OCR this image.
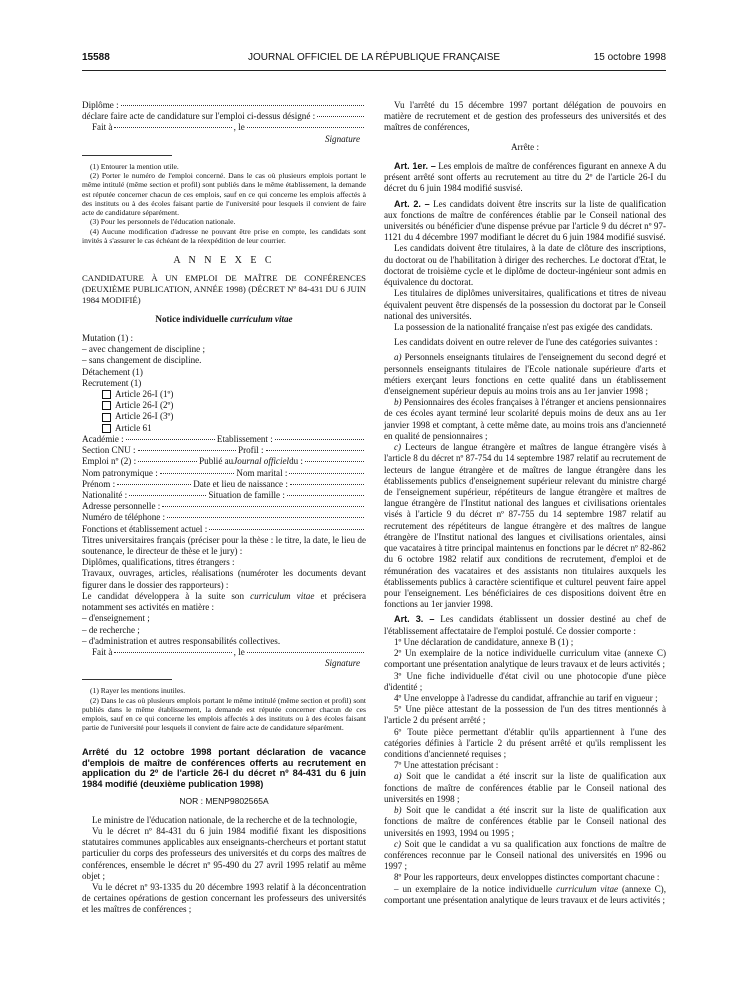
15588	JOURNAL OFFICIEL DE LA RÉPUBLIQUE FRANÇAISE	15 octobre 1998

Diplôme :

déclare faire acte de candidature sur l'emploi ci-dessus désigné :

Fait à	, le

Signature

(1) Entourer la mention utile.

(2) Porter le numéro de l'emploi concerné. Dans le cas où plusieurs emplois portant le même intitulé (même section et profil) sont publiés dans le même établissement, la demande est réputée concerner chacun de ces emplois, sauf en ce qui concerne les emplois affectés à des instituts ou à des écoles faisant partie de l'université pour lesquels il convient de faire acte de candidature séparément.

(3) Pour les personnels de l'éducation nationale.

(4) Aucune modification d'adresse ne pouvant être prise en compte, les candidats sont invités à s'assurer le cas échéant de la réexpédition de leur courrier.

A N N E X E C

CANDIDATURE À UN EMPLOI DE MAÎTRE DE CONFÉRENCES (DEUXIÈME PUBLICATION, ANNÉE 1998) (DÉCRET Nº 84-431 DU 6 JUIN 1984 MODIFIÉ)

Notice individuelle curriculum vitae

Mutation (1) :

– avec changement de discipline ;

– sans changement de discipline.

Détachement (1)

Recrutement (1)

Article 26-I (1º)

Article 26-I (2º)

Article 26-I (3º)

Article 61

Académie :	Etablissement :

Section CNU :	Profil :

Emploi nº (2) :	Publié au Journal officiel du :

Nom patronymique :	Nom marital :

Prénom :	Date et lieu de naissance :

Nationalité :	Situation de famille :

Adresse personnelle :

Numéro de téléphone :

Fonctions et établissement actuel :

Titres universitaires français (préciser pour la thèse : le titre, la date, le lieu de soutenance, le directeur de thèse et le jury) :

Diplômes, qualifications, titres étrangers :

Travaux, ouvrages, articles, réalisations (numéroter les documents devant figurer dans le dossier des rapporteurs) :

Le candidat développera à la suite son curriculum vitae et précisera notamment ses activités en matière :

– d'enseignement ;

– de recherche ;

– d'administration et autres responsabilités collectives.

Fait à	, le

Signature

(1) Rayer les mentions inutiles.

(2) Dans le cas où plusieurs emplois portant le même intitulé (même section et profil) sont publiés dans le même établissement, la demande est réputée concerner chacun de ces emplois, sauf en ce qui concerne les emplois affectés à des instituts ou à des écoles faisant partie de l'université pour lesquels il convient de faire acte de candidature séparément.

Arrêté du 12 octobre 1998 portant déclaration de vacance d'emplois de maître de conférences offerts au recrutement en application du 2º de l'article 26-I du décret nº 84-431 du 6 juin 1984 modifié (deuxième publication 1998)

NOR : MENP9802565A

Le ministre de l'éducation nationale, de la recherche et de la technologie,

Vu le décret nº 84-431 du 6 juin 1984 modifié fixant les dispositions statutaires communes applicables aux enseignants-chercheurs et portant statut particulier du corps des professeurs des universités et du corps des maîtres de conférences, ensemble le décret nº 95-490 du 27 avril 1995 relatif au même objet ;

Vu le décret nº 93-1335 du 20 décembre 1993 relatif à la déconcentration de certaines opérations de gestion concernant les professeurs des universités et les maîtres de conférences ;

Vu l'arrêté du 15 décembre 1997 portant délégation de pouvoirs en matière de recrutement et de gestion des professeurs des universités et des maîtres de conférences,

Arrête :

Art. 1er. – Les emplois de maître de conférences figurant en annexe A du présent arrêté sont offerts au recrutement au titre du 2º de l'article 26-I du décret du 6 juin 1984 modifié susvisé.

Art. 2. – Les candidats doivent être inscrits sur la liste de qualification aux fonctions de maître de conférences établie par le Conseil national des universités ou bénéficier d'une dispense prévue par l'article 9 du décret nº 97-1121 du 4 décembre 1997 modifiant le décret du 6 juin 1984 modifié susvisé.

Les candidats doivent être titulaires, à la date de clôture des inscriptions, du doctorat ou de l'habilitation à diriger des recherches. Le doctorat d'Etat, le doctorat de troisième cycle et le diplôme de docteur-ingénieur sont admis en équivalence du doctorat.

Les titulaires de diplômes universitaires, qualifications et titres de niveau équivalent peuvent être dispensés de la possession du doctorat par le Conseil national des universités.

La possession de la nationalité française n'est pas exigée des candidats.

Les candidats doivent en outre relever de l'une des catégories suivantes :

a) Personnels enseignants titulaires de l'enseignement du second degré et personnels enseignants titulaires de l'Ecole nationale supérieure d'arts et métiers exerçant leurs fonctions en cette qualité dans un établissement d'enseignement supérieur depuis au moins trois ans au 1er janvier 1998 ;

b) Pensionnaires des écoles françaises à l'étranger et anciens pensionnaires de ces écoles ayant terminé leur scolarité depuis moins de deux ans au 1er janvier 1998 et comptant, à cette même date, au moins trois ans d'ancienneté en qualité de pensionnaires ;

c) Lecteurs de langue étrangère et maîtres de langue étrangère visés à l'article 8 du décret nº 87-754 du 14 septembre 1987 relatif au recrutement de lecteurs de langue étrangère et de maîtres de langue étrangère dans les établissements publics d'enseignement supérieur relevant du ministre chargé de l'enseignement supérieur, répétiteurs de langue étrangère et maîtres de langue étrangère de l'Institut national des langues et civilisations orientales visés à l'article 9 du décret nº 87-755 du 14 septembre 1987 relatif au recrutement des répétiteurs de langue étrangère et des maîtres de langue étrangère de l'Institut national des langues et civilisations orientales, ainsi que vacataires à titre principal maintenus en fonctions par le décret nº 82-862 du 6 octobre 1982 relatif aux conditions de recrutement, d'emploi et de rémunération des vacataires et des assistants non titulaires auxquels les établissements publics à caractère scientifique et culturel peuvent faire appel pour l'enseignement. Les bénéficiaires de ces dispositions doivent être en fonctions au 1er janvier 1998.

Art. 3. – Les candidats établissent un dossier destiné au chef de l'établissement affectataire de l'emploi postulé. Ce dossier comporte :

1º Une déclaration de candidature, annexe B (1) ;

2º Un exemplaire de la notice individuelle curriculum vitae (annexe C) comportant une présentation analytique de leurs travaux et de leurs activités ;

3º Une fiche individuelle d'état civil ou une photocopie d'une pièce d'identité ;

4º Une enveloppe à l'adresse du candidat, affranchie au tarif en vigueur ;

5º Une pièce attestant de la possession de l'un des titres mentionnés à l'article 2 du présent arrêté ;

6º Toute pièce permettant d'établir qu'ils appartiennent à l'une des catégories définies à l'article 2 du présent arrêté et qu'ils remplissent les conditions d'ancienneté requises ;

7º Une attestation précisant :

a) Soit que le candidat a été inscrit sur la liste de qualification aux fonctions de maître de conférences établie par le Conseil national des universités en 1998 ;

b) Soit que le candidat a été inscrit sur la liste de qualification aux fonctions de maître de conférences établie par le Conseil national des universités en 1993, 1994 ou 1995 ;

c) Soit que le candidat a vu sa qualification aux fonctions de maître de conférences reconnue par le Conseil national des universités en 1996 ou 1997 ;

8º Pour les rapporteurs, deux enveloppes distinctes comportant chacune :

– un exemplaire de la notice individuelle curriculum vitae (annexe C), comportant une présentation analytique de leurs travaux et de leurs activités ;
